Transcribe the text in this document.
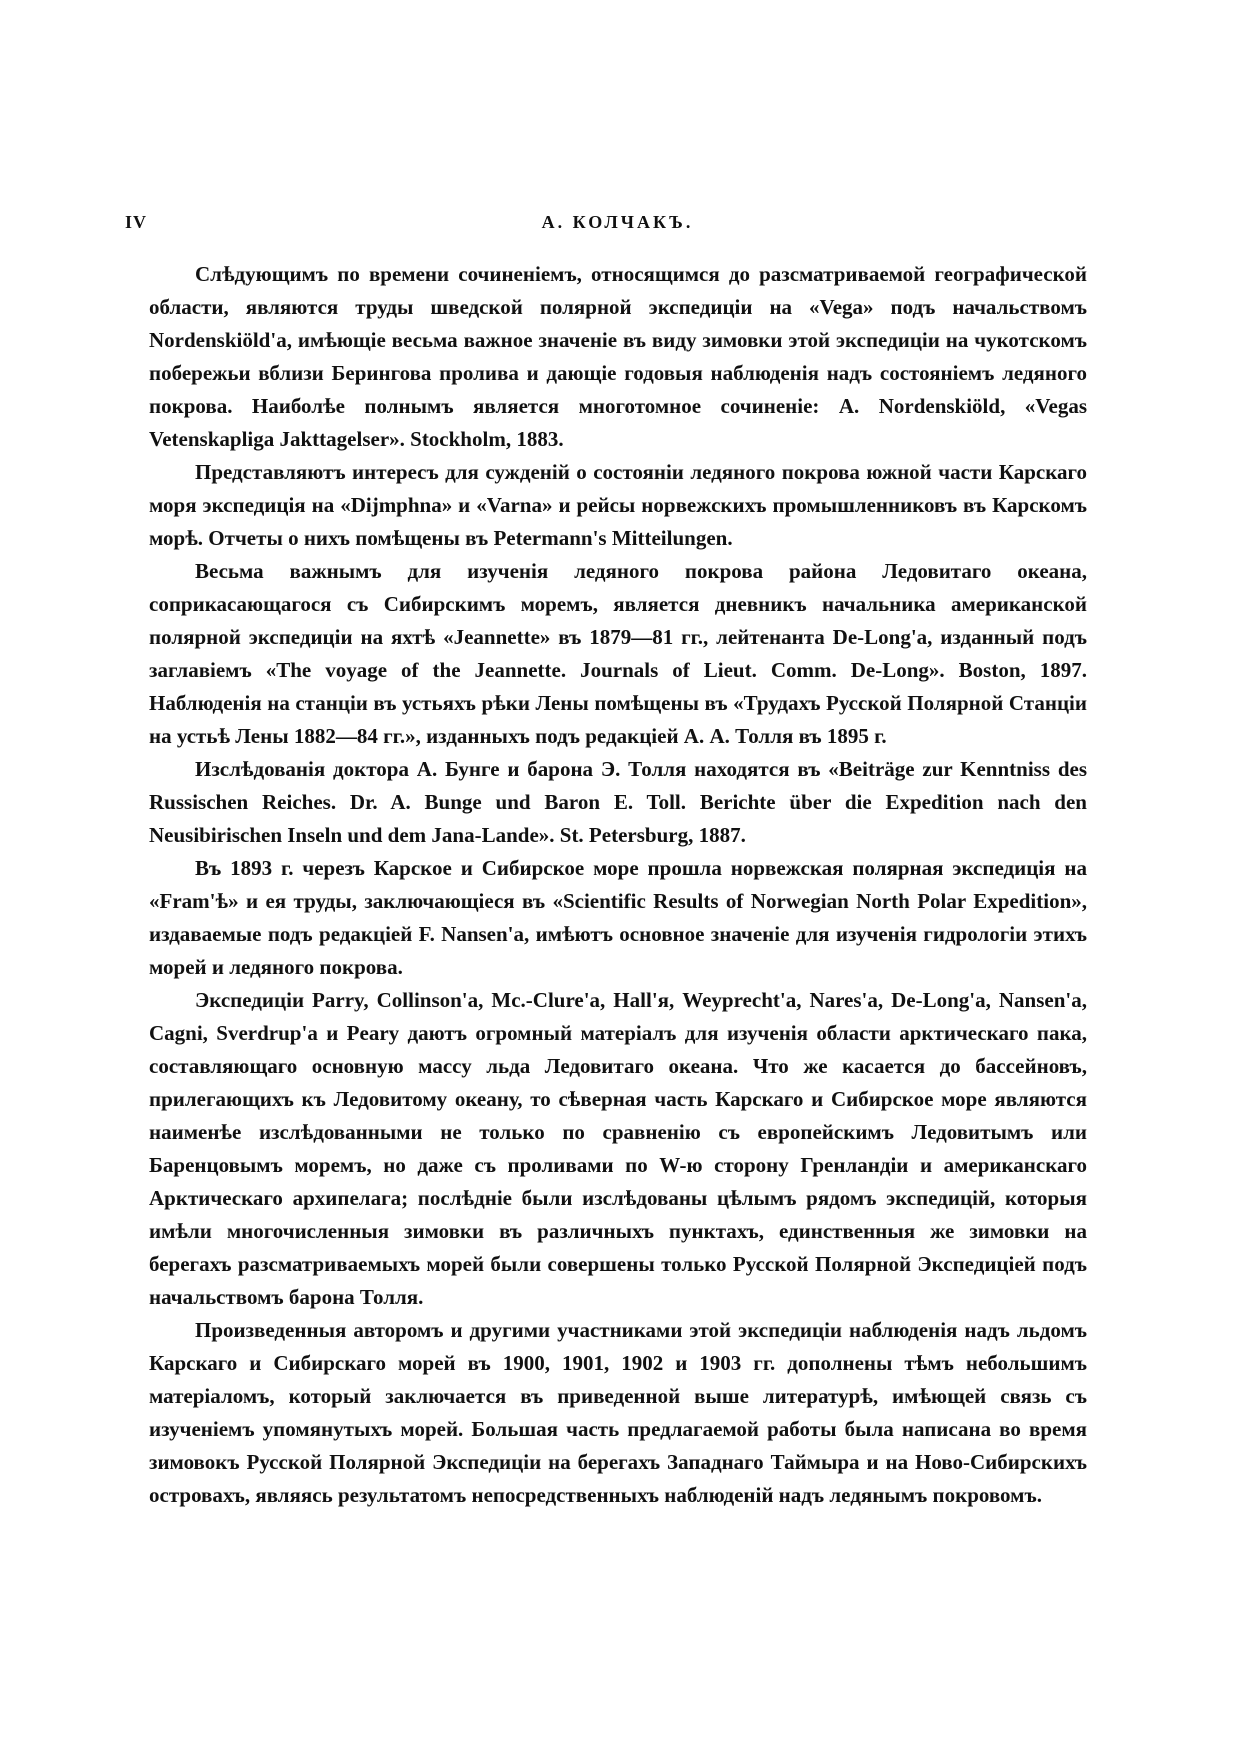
IV	А. КОЛЧАКЪ.

Слѣдующимъ по времени сочиненіемъ, относящимся до разсматриваемой географической области, являются труды шведской полярной экспедиціи на «Vega» подъ начальствомъ Nordenskiöld'a, имѣющіе весьма важное значеніе въ виду зимовки этой экспедиціи на чукотскомъ побережьи вблизи Берингова пролива и дающіе годовыя наблюденія надъ состояніемъ ледяного покрова. Наиболѣе полнымъ является многотомное сочиненіе: A. Nordenskiöld, «Vegas Vetenskapliga Jakttagelser». Stockholm, 1883.

Представляютъ интересъ для сужденій о состояніи ледяного покрова южной части Карскаго моря экспедиція на «Dijmphna» и «Varna» и рейсы норвежскихъ промышленниковъ въ Карскомъ морѣ. Отчеты о нихъ помѣщены въ Petermann's Mitteilungen.

Весьма важнымъ для изученія ледяного покрова района Ледовитаго океана, соприкасающагося съ Сибирскимъ моремъ, является дневникъ начальника американской полярной экспедиціи на яхтѣ «Jeannette» въ 1879—81 гг., лейтенанта De-Long'a, изданный подъ заглавіемъ «The voyage of the Jeannette. Journals of Lieut. Comm. De-Long». Boston, 1897. Наблюденія на станціи въ устьяхъ рѣки Лены помѣщены въ «Трудахъ Русской Полярной Станціи на устьѣ Лены 1882—84 гг.», изданныхъ подъ редакціей А. А. Толля въ 1895 г.

Изслѣдованія доктора А. Бунге и барона Э. Толля находятся въ «Beiträge zur Kenntniss des Russischen Reiches. Dr. A. Bunge und Baron E. Toll. Berichte über die Expedition nach den Neusibirischen Inseln und dem Jana-Lande». St. Petersburg, 1887.

Въ 1893 г. черезъ Карское и Сибирское море прошла норвежская полярная экспедиція на «Fram'ѣ» и ея труды, заключающіеся въ «Scientific Results of Norwegian North Polar Expedition», издаваемые подъ редакціей F. Nansen'a, имѣютъ основное значеніе для изученія гидрологіи этихъ морей и ледяного покрова.

Экспедиціи Parry, Collinson'a, Mc.-Clure'a, Hall'я, Weyprecht'a, Nares'a, De-Long'a, Nansen'a, Cagni, Sverdrup'a и Peary даютъ огромный матеріалъ для изученія области арктическаго пака, составляющаго основную массу льда Ледовитаго океана. Что же касается до бассейновъ, прилегающихъ къ Ледовитому океану, то сѣверная часть Карскаго и Сибирское море являются наименѣе изслѣдованными не только по сравненію съ европейскимъ Ледовитымъ или Баренцовымъ моремъ, но даже съ проливами по W-ю сторону Гренландіи и американскаго Арктическаго архипелага; послѣдніе были изслѣдованы цѣлымъ рядомъ экспедицій, которыя имѣли многочисленныя зимовки въ различныхъ пунктахъ, единственныя же зимовки на берегахъ разсматриваемыхъ морей были совершены только Русской Полярной Экспедиціей подъ начальствомъ барона Толля.

Произведенныя авторомъ и другими участниками этой экспедиціи наблюденія надъ льдомъ Карскаго и Сибирскаго морей въ 1900, 1901, 1902 и 1903 гг. дополнены тѣмъ небольшимъ матеріаломъ, который заключается въ приведенной выше литературѣ, имѣющей связь съ изученіемъ упомянутыхъ морей. Большая часть предлагаемой работы была написана во время зимовокъ Русской Полярной Экспедиціи на берегахъ Западнаго Таймыра и на Ново-Сибирскихъ островахъ, являясь результатомъ непосредственныхъ наблюденій надъ ледянымъ покровомъ.
